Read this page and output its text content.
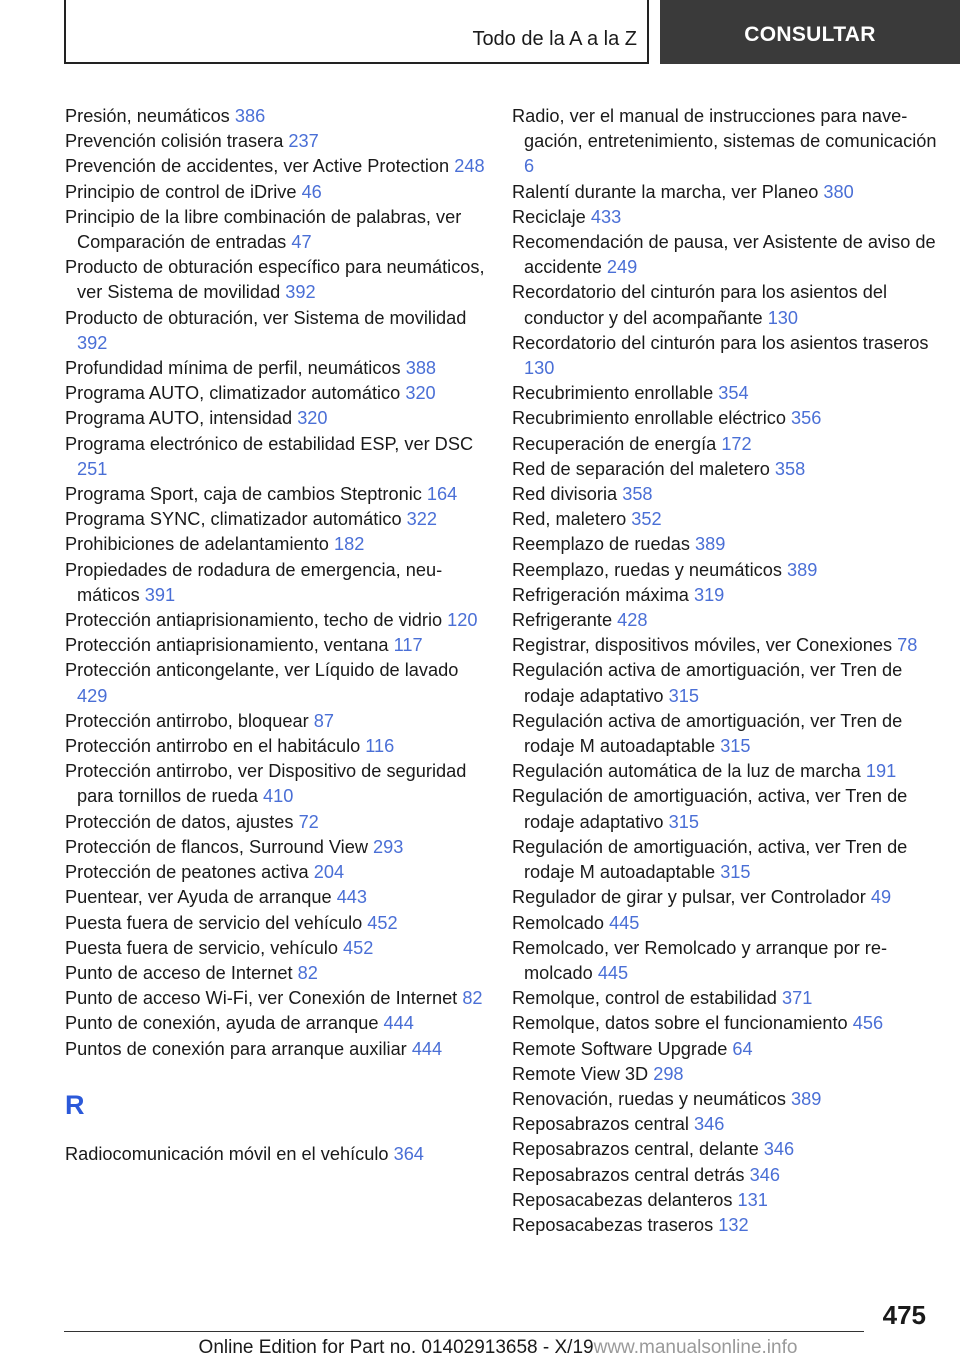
Todo de la A a la Z	CONSULTAR

Presión, neumáticos 386

Prevención colisión trasera 237

Prevención de accidentes, ver Active Protection 248

Principio de control de iDrive 46

Principio de la libre combinación de palabras, ver Comparación de entradas 47

Producto de obturación específico para neumáticos, ver Sistema de movilidad 392

Producto de obturación, ver Sistema de movilidad 392

Profundidad mínima de perfil, neumáticos 388

Programa AUTO, climatizador automático 320

Programa AUTO, intensidad 320

Programa electrónico de estabilidad ESP, ver DSC 251

Programa Sport, caja de cambios Steptronic 164

Programa SYNC, climatizador automático 322

Prohibiciones de adelantamiento 182

Propiedades de rodadura de emergencia, neumáticos 391

Protección antiaprisionamiento, techo de vidrio 120

Protección antiaprisionamiento, ventana 117

Protección anticongelante, ver Líquido de lavado 429

Protección antirrobo, bloquear 87

Protección antirrobo en el habitáculo 116

Protección antirrobo, ver Dispositivo de seguridad para tornillos de rueda 410

Protección de datos, ajustes 72

Protección de flancos, Surround View 293

Protección de peatones activa 204

Puentear, ver Ayuda de arranque 443

Puesta fuera de servicio del vehículo 452

Puesta fuera de servicio, vehículo 452

Punto de acceso de Internet 82

Punto de acceso Wi-Fi, ver Conexión de Internet 82

Punto de conexión, ayuda de arranque 444

Puntos de conexión para arranque auxiliar 444

R

Radiocomunicación móvil en el vehículo 364

Radio, ver el manual de instrucciones para navegación, entretenimiento, sistemas de comunicación 6

Ralentí durante la marcha, ver Planeo 380

Reciclaje 433

Recomendación de pausa, ver Asistente de aviso de accidente 249

Recordatorio del cinturón para los asientos del conductor y del acompañante 130

Recordatorio del cinturón para los asientos traseros 130

Recubrimiento enrollable 354

Recubrimiento enrollable eléctrico 356

Recuperación de energía 172

Red de separación del maletero 358

Red divisoria 358

Red, maletero 352

Reemplazo de ruedas 389

Reemplazo, ruedas y neumáticos 389

Refrigeración máxima 319

Refrigerante 428

Registrar, dispositivos móviles, ver Conexiones 78

Regulación activa de amortiguación, ver Tren de rodaje adaptativo 315

Regulación activa de amortiguación, ver Tren de rodaje M autoadaptable 315

Regulación automática de la luz de marcha 191

Regulación de amortiguación, activa, ver Tren de rodaje adaptativo 315

Regulación de amortiguación, activa, ver Tren de rodaje M autoadaptable 315

Regulador de girar y pulsar, ver Controlador 49

Remolcado 445

Remolcado, ver Remolcado y arranque por remolcado 445

Remolque, control de estabilidad 371

Remolque, datos sobre el funcionamiento 456

Remote Software Upgrade 64

Remote View 3D 298

Renovación, ruedas y neumáticos 389

Reposabrazos central 346

Reposabrazos central, delante 346

Reposabrazos central detrás 346

Reposacabezas delanteros 131

Reposacabezas traseros 132

475
Online Edition for Part no. 01402913658 - X/19www.manualsonline.info
